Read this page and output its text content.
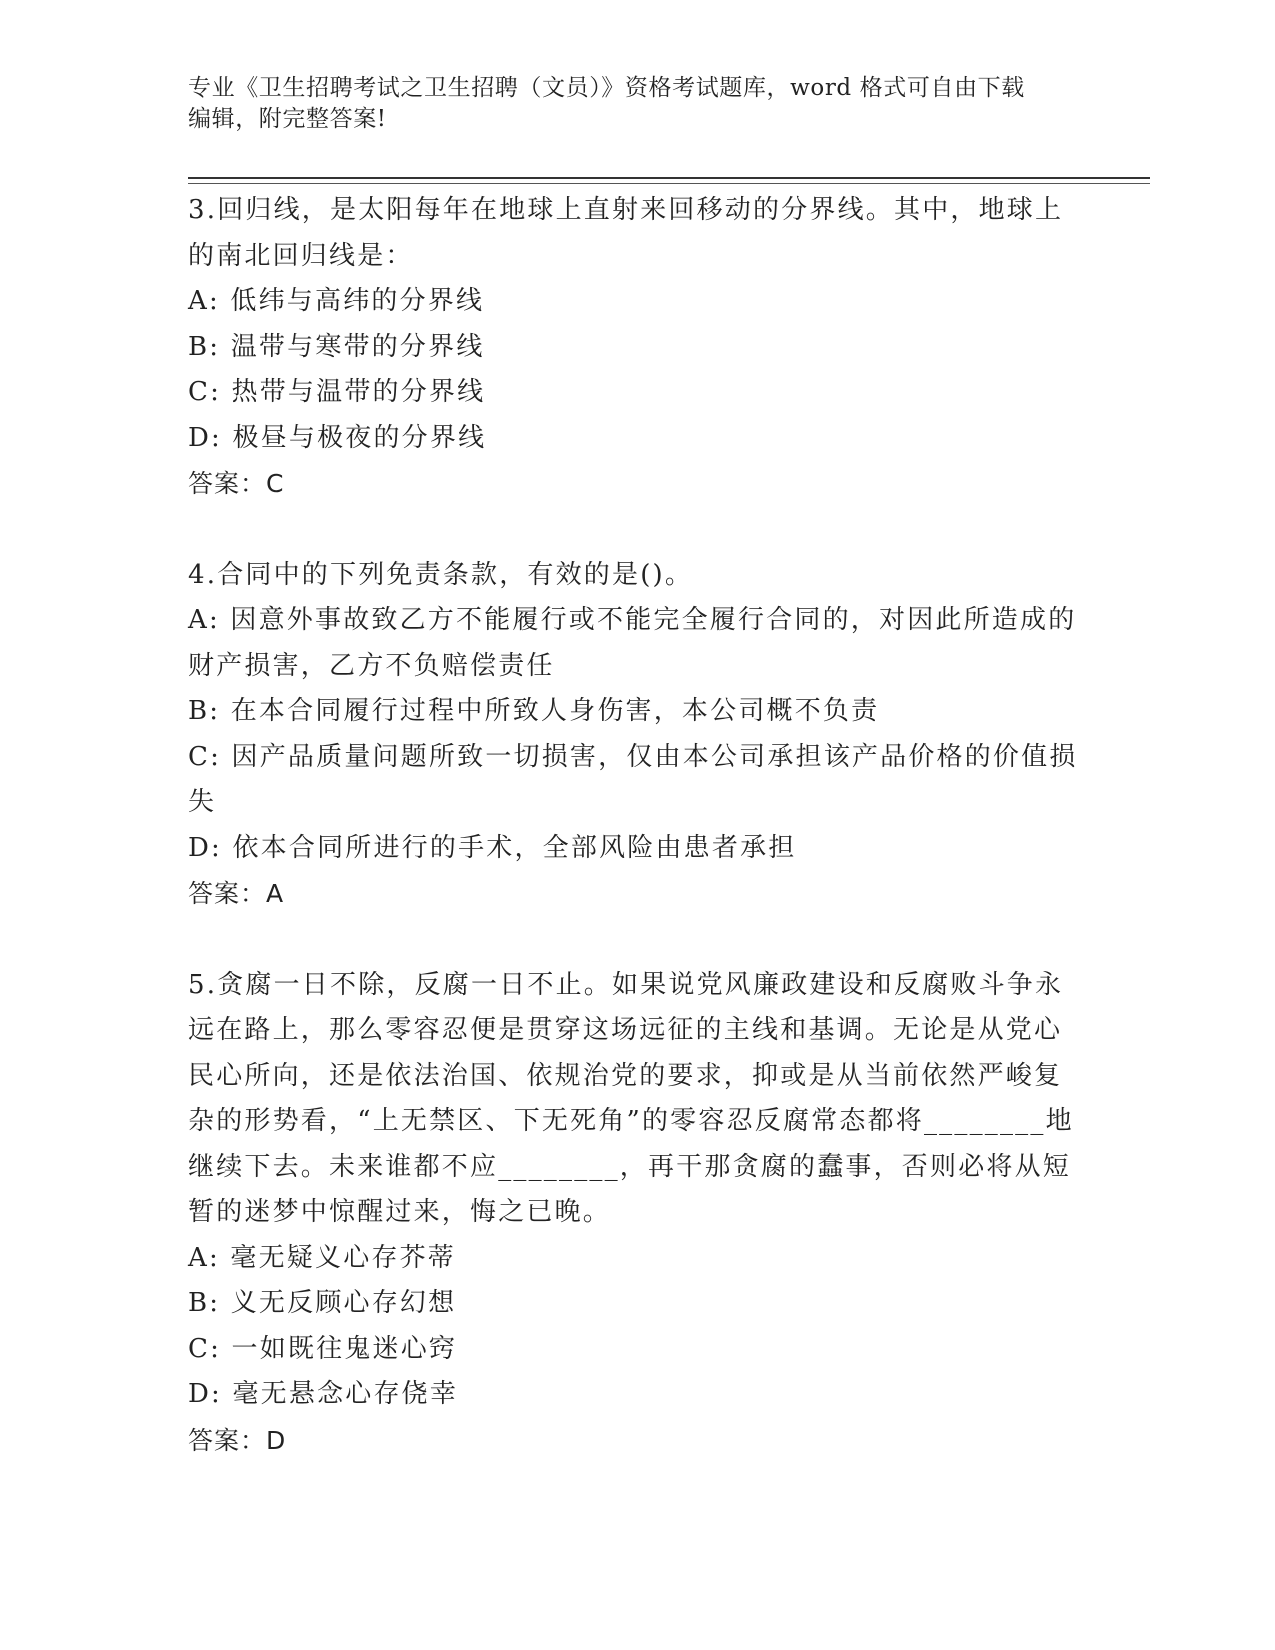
专业《卫生招聘考试之卫生招聘（文员）》资格考试题库，word 格式可自由下载
编辑，附完整答案!

3.回归线，是太阳每年在地球上直射来回移动的分界线。其中，地球上的南北回归线是：

A: 低纬与高纬的分界线

B: 温带与寒带的分界线

C: 热带与温带的分界线

D: 极昼与极夜的分界线

答案：C

4.合同中的下列免责条款，有效的是()。

A: 因意外事故致乙方不能履行或不能完全履行合同的，对因此所造成的财产损害，乙方不负赔偿责任

B: 在本合同履行过程中所致人身伤害，本公司概不负责

C: 因产品质量问题所致一切损害，仅由本公司承担该产品价格的价值损失

D: 依本合同所进行的手术，全部风险由患者承担

答案：A

5.贪腐一日不除，反腐一日不止。如果说党风廉政建设和反腐败斗争永远在路上，那么零容忍便是贯穿这场远征的主线和基调。无论是从党心民心所向，还是依法治国、依规治党的要求，抑或是从当前依然严峻复杂的形势看，“上无禁区、下无死角”的零容忍反腐常态都将________地继续下去。未来谁都不应________，再干那贪腐的蠢事，否则必将从短暂的迷梦中惊醒过来，悔之已晚。

A: 毫无疑义心存芥蒂

B: 义无反顾心存幻想

C: 一如既往鬼迷心窍

D: 毫无悬念心存侥幸

答案：D
